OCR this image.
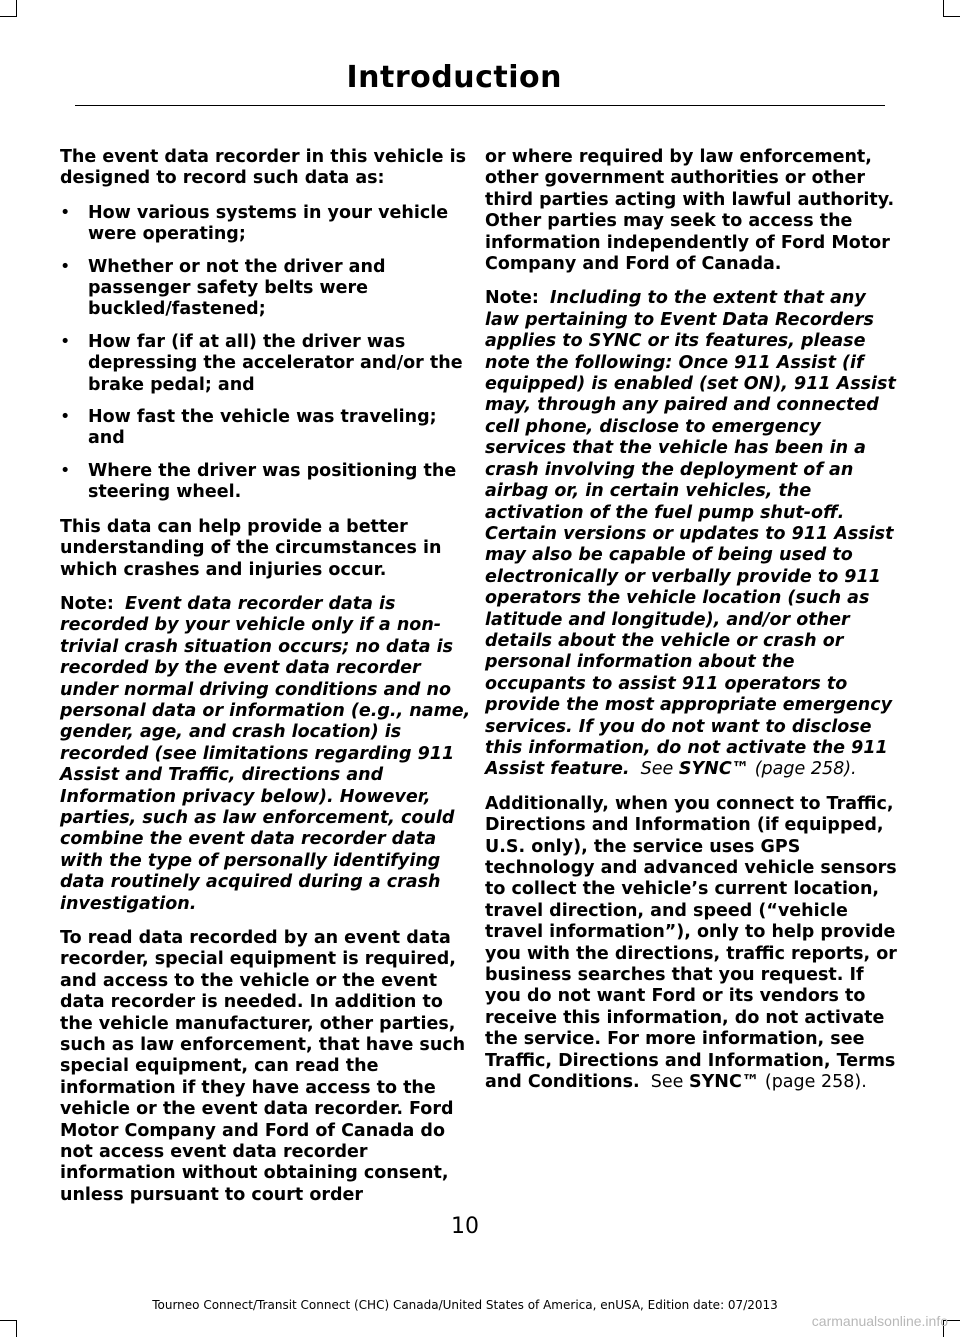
Introduction

The event data recorder in this vehicle is designed to record such data as:

• How various systems in your vehicle were operating;
• Whether or not the driver and passenger safety belts were buckled/fastened;
• How far (if at all) the driver was depressing the accelerator and/or the brake pedal; and
• How fast the vehicle was traveling; and
• Where the driver was positioning the steering wheel.

This data can help provide a better understanding of the circumstances in which crashes and injuries occur.

Note: Event data recorder data is recorded by your vehicle only if a non-trivial crash situation occurs; no data is recorded by the event data recorder under normal driving conditions and no personal data or information (e.g., name, gender, age, and crash location) is recorded (see limitations regarding 911 Assist and Traffic, directions and Information privacy below). However, parties, such as law enforcement, could combine the event data recorder data with the type of personally identifying data routinely acquired during a crash investigation.

To read data recorded by an event data recorder, special equipment is required, and access to the vehicle or the event data recorder is needed. In addition to the vehicle manufacturer, other parties, such as law enforcement, that have such special equipment, can read the information if they have access to the vehicle or the event data recorder. Ford Motor Company and Ford of Canada do not access event data recorder information without obtaining consent, unless pursuant to court order

or where required by law enforcement, other government authorities or other third parties acting with lawful authority. Other parties may seek to access the information independently of Ford Motor Company and Ford of Canada.

Note: Including to the extent that any law pertaining to Event Data Recorders applies to SYNC or its features, please note the following: Once 911 Assist (if equipped) is enabled (set ON), 911 Assist may, through any paired and connected cell phone, disclose to emergency services that the vehicle has been in a crash involving the deployment of an airbag or, in certain vehicles, the activation of the fuel pump shut-off. Certain versions or updates to 911 Assist may also be capable of being used to electronically or verbally provide to 911 operators the vehicle location (such as latitude and longitude), and/or other details about the vehicle or crash or personal information about the occupants to assist 911 operators to provide the most appropriate emergency services. If you do not want to disclose this information, do not activate the 911 Assist feature. See SYNC™ (page 258).

Additionally, when you connect to Traffic, Directions and Information (if equipped, U.S. only), the service uses GPS technology and advanced vehicle sensors to collect the vehicle’s current location, travel direction, and speed (“vehicle travel information”), only to help provide you with the directions, traffic reports, or business searches that you request. If you do not want Ford or its vendors to receive this information, do not activate the service. For more information, see Traffic, Directions and Information, Terms and Conditions. See SYNC™ (page 258).

10
Tourneo Connect/Transit Connect (CHC) Canada/United States of America, enUSA, Edition date: 07/2013
carmanualsonline.info
